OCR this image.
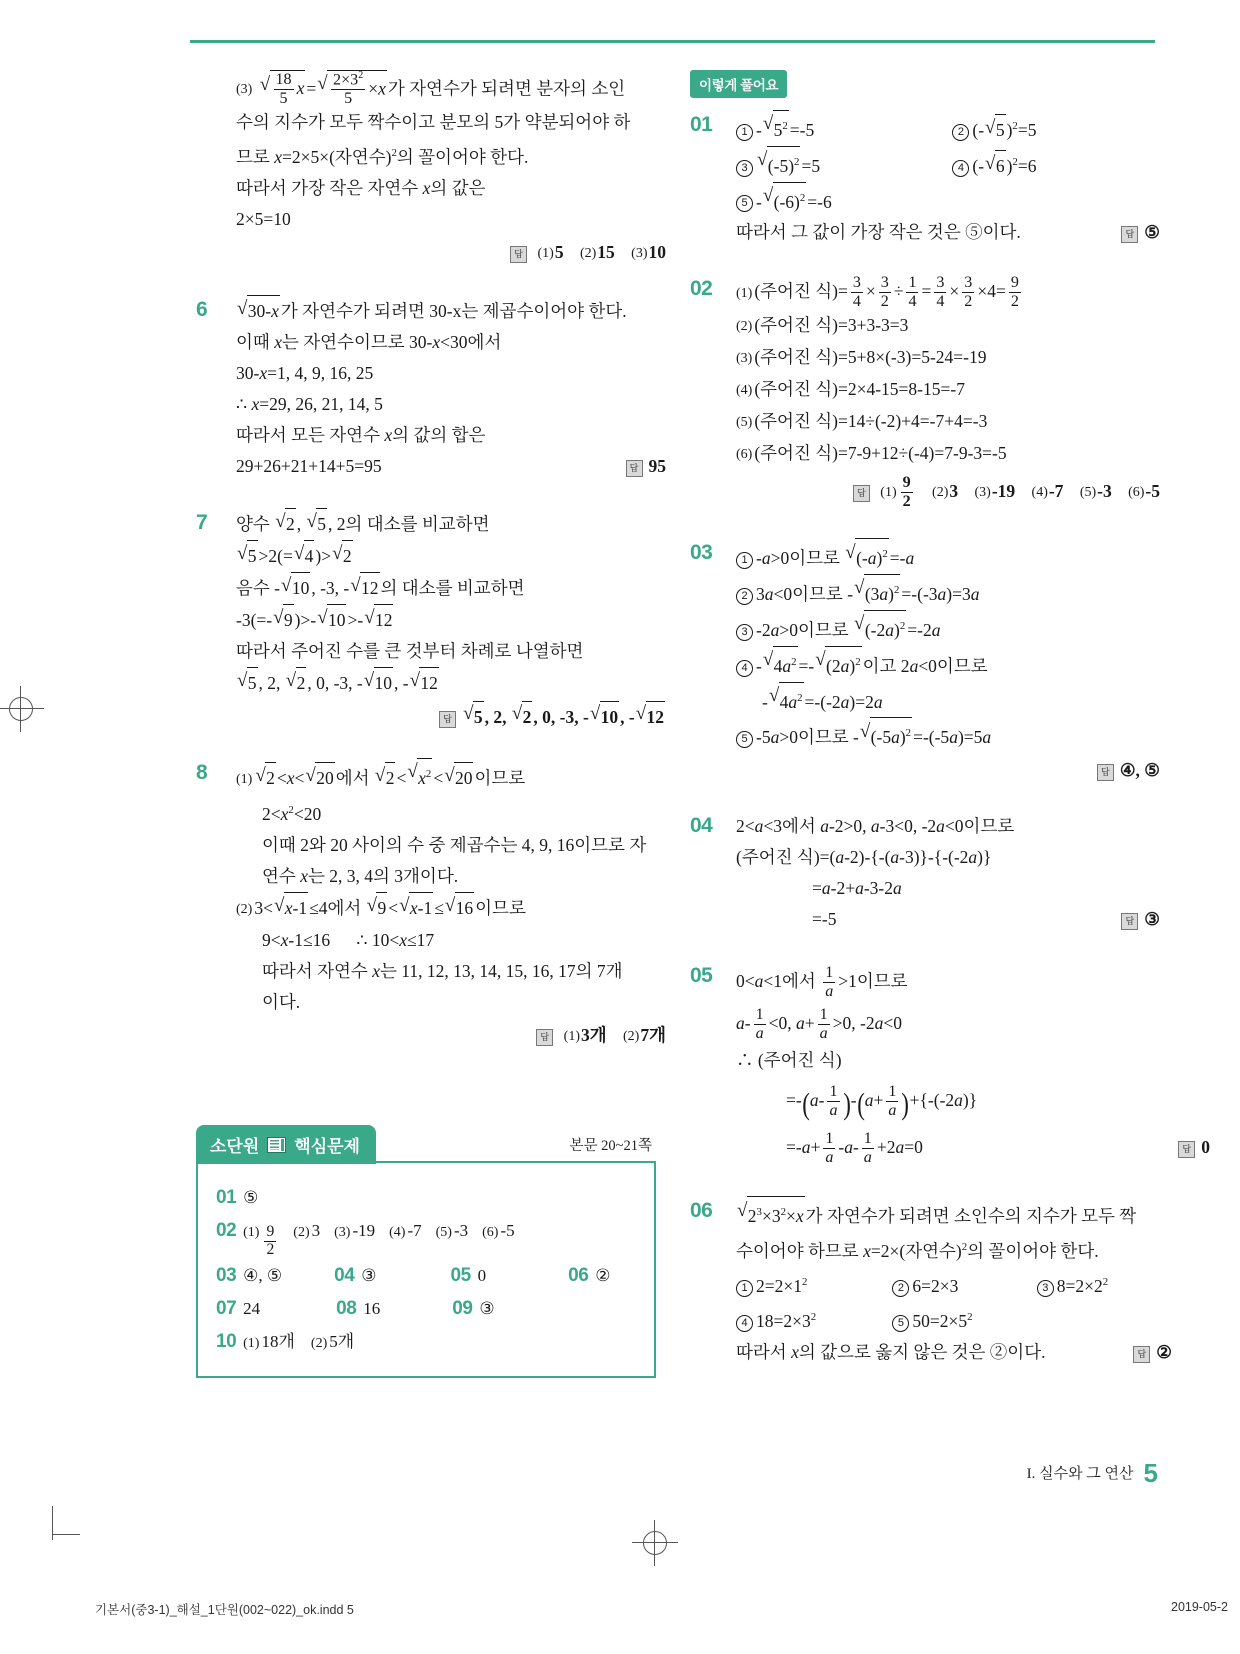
(3) √ $\frac{18}{5}$ x = √ $\frac{2\times 3^2}{5} \times x$ 가 자연수가 되려면 분자의 소인
수의 지수가 모두 짝수이고 분모의 5가 약분되어야 하
므로 x=2×5×(자연수)$^2$의 꼴이어야 한다.
따라서 가장 작은 자연수 x의 값은
2×5=10
답 (1)5 (2)15 (3)10
6	√ 30-x 가 자연수가 되려면 30-x는 제곱수이어야 한다.
이때 x는 자연수이므로 30-x<30에서
30-x=1, 4, 9, 16, 25
∴ x=29, 26, 21, 14, 5
따라서 모든 자연수 x의 값의 합은
29+26+21+14+5=95	답 95
7	양수 √ 2 , √ 5 , 2의 대소를 비교하면
√ 5 >2(= √ 4 )> √ 2
음수 - √ 10 , -3, - √ 12 의 대소를 비교하면
-3(=- √ 9 )>- √ 10 >- √ 12
따라서 주어진 수를 큰 것부터 차례로 나열하면
√ 5 , 2, √ 2 , 0, -3, - √ 10 , - √ 12
답 √ 5 , 2, √ 2 , 0, -3, - √ 10 , - √ 12
8	(1) √ 2 <x< √ 20 에서 √ 2 < √ $x^2$ < √ 20 이므로
$2<x^2<20$
이때 2와 20 사이의 수 중 제곱수는 4, 9, 16이므로 자
연수 x는 2, 3, 4의 3개이다.
(2) 3< √ x-1 ≤4에서 √ 9 < √ x-1 ≤ √ 16 이므로
9<x-1≤16      ∴ 10<x≤17
따라서 자연수 x는 11, 12, 13, 14, 15, 16, 17의 7개
이다.
답 (1)3개 (2)7개
소단원 핵심문제	본문 20~21쪽
01 ⑤
02 $(1) \frac{9}{2} (2)$ 3 (3) -19 (4) -7 (5) -3 (6) -5
03 ④, ⑤	04 ③	05 0	06 ②
07 24	08 16	09 ③
10 (1) 18개 (2) 5개
이렇게 풀어요
01	1 - √ $5^2 =-5$	2 (- √ 5 )$^2$=5
3 √ $(-5)^2 =5$	4 (- √ 6 )$^2$=6
5 - √ $(-6)^2 =-6$
따라서 그 값이 가장 작은 것은 ⑤이다.	답 ⑤
02	(1) (주어진 식)= $\frac{3}{4} \times \frac{3}{2} \div \frac{1}{4} = \frac{3}{4} \times \frac{3}{2} \times 4= \frac{9}{2}$
(2) (주어진 식)=3+3-3=3
(3) (주어진 식)=5+8×(-3)=5-24=-19
(4) (주어진 식)=2×4-15=8-15=-7
(5) (주어진 식)=14÷(-2)+4=-7+4=-3
(6) (주어진 식)=7-9+12÷(-4)=7-9-3=-5
답 $(1) \frac{9}{2} (2)3$ (3)-19 (4)-7 (5)-3 (6)-5
03	1 -a>0이므로 √ $(-a)^2 =-a$
2 3a<0이므로 - √ $(3a)^2 =-(-3a)=3a$
3 -2a>0이므로 √ $(-2a)^2 =-2a$
4 - √ $4a^2$ =- √ $(2a)^2$ 이고 2a<0이므로
- √ $4a^2 =-(-2a)=2a$
5 -5a>0이므로 - √ $(-5a)^2 =-(-5a)=5a$
답 ④, ⑤
04	2<a<3에서 a-2>0, a-3<0, -2a<0이므로
(주어진 식)=(a-2)-{-(a-3)}-{-(-2a)}
=a-2+a-3-2a
=-5	답 ③
05	0<a<1에서 $\frac{1}{a} >1$이므로
$a- \frac{1}{a} <0$, $a+ \frac{1}{a} >0$, -2a<0
∴ (주어진 식)
$=-(a- \frac{1}{a} )-(a+ \frac{1}{a} )+\{-(-2a)\}$
$=-a+ \frac{1}{a} -a- \frac{1}{a} +2a=0$	답 0
06	√ $2^3\times 3^2\times x$ 가 자연수가 되려면 소인수의 지수가 모두 짝
수이어야 하므로 x=2×(자연수)$^2$의 꼴이어야 한다.
1 $2=2\times 1^2$	2 6=2×3	3 $8=2\times 2^2$
4 $18=2\times 3^2$	5 $50=2\times 5^2$
따라서 x의 값으로 옳지 않은 것은 ②이다.	답 ②
I. 실수와 그 연산 5
기본서(중3-1)_해설_1단원(002~022)_ok.indd 5	2019-05-2
